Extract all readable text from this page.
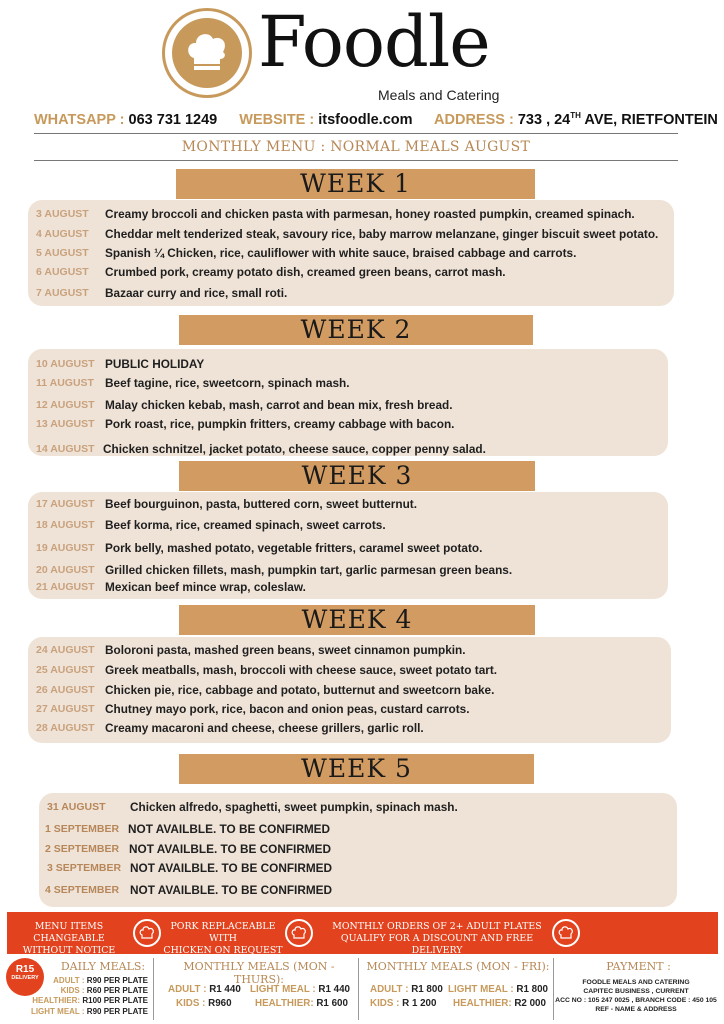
Foodle
Meals and Catering
WHATSAPP : 063 731 1249 WEBSITE : itsfoodle.com ADDRESS : 733 , 24TH AVE, RIETFONTEIN
MONTHLY MENU : NORMAL MEALS AUGUST
WEEK 1
3 AUGUST Creamy broccoli and chicken pasta with parmesan, honey roasted pumpkin, creamed spinach.
4 AUGUST Cheddar melt tenderized steak, savoury rice, baby marrow melanzane, ginger biscuit sweet potato.
5 AUGUST Spanish ¼ Chicken, rice, cauliflower with white sauce, braised cabbage and carrots.
6 AUGUST Crumbed pork, creamy potato dish, creamed green beans, carrot mash.
7 AUGUST Bazaar curry and rice, small roti.
WEEK 2
10 AUGUST PUBLIC HOLIDAY
11 AUGUST Beef tagine, rice, sweetcorn, spinach mash.
12 AUGUST Malay chicken kebab, mash, carrot and bean mix, fresh bread.
13 AUGUST Pork roast, rice, pumpkin fritters, creamy cabbage with bacon.
14 AUGUST Chicken schnitzel, jacket potato, cheese sauce, copper penny salad.
WEEK 3
17 AUGUST Beef bourguinon, pasta, buttered corn, sweet butternut.
18 AUGUST Beef korma, rice, creamed spinach, sweet carrots.
19 AUGUST Pork belly, mashed potato, vegetable fritters, caramel sweet potato.
20 AUGUST Grilled chicken fillets, mash, pumpkin tart, garlic parmesan green beans.
21 AUGUST Mexican beef mince wrap, coleslaw.
WEEK 4
24 AUGUST Boloroni pasta, mashed green beans, sweet cinnamon pumpkin.
25 AUGUST Greek meatballs, mash, broccoli with cheese sauce, sweet potato tart.
26 AUGUST Chicken pie, rice, cabbage and potato, butternut and sweetcorn bake.
27 AUGUST Chutney mayo pork, rice, bacon and onion peas, custard carrots.
28 AUGUST Creamy macaroni and cheese, cheese grillers, garlic roll.
WEEK 5
31 AUGUST Chicken alfredo, spaghetti, sweet pumpkin, spinach mash.
1 SEPTEMBER NOT AVAILBLE. TO BE CONFIRMED
2 SEPTEMBER NOT AVAILBLE. TO BE CONFIRMED
3 SEPTEMBER NOT AVAILBLE. TO BE CONFIRMED
4 SEPTEMBER NOT AVAILBLE. TO BE CONFIRMED
MENU ITEMS CHANGEABLE
WITHOUT NOTICE
PORK REPLACEABLE WITH
CHICKEN ON REQUEST
MONTHLY ORDERS OF 2+ ADULT PLATES
QUALIFY FOR A DISCOUNT AND FREE DELIVERY
R15
DELIVERY
DAILY MEALS:
ADULT : R90 PER PLATE
KIDS : R60 PER PLATE
HEALTHIER: R100 PER PLATE
LIGHT MEAL : R90 PER PLATE
MONTHLY MEALS (MON - THURS):
ADULT : R1 440 LIGHT MEAL : R1 440
KIDS : R960 HEALTHIER: R1 600
MONTHLY MEALS (MON - FRI):
ADULT : R1 800 LIGHT MEAL : R1 800
KIDS : R 1 200 HEALTHIER: R2 000
PAYMENT :
FOODLE MEALS AND CATERING
CAPITEC BUSINESS , CURRENT
ACC NO : 105 247 0025 , BRANCH CODE : 450 105
REF - NAME & ADDRESS
